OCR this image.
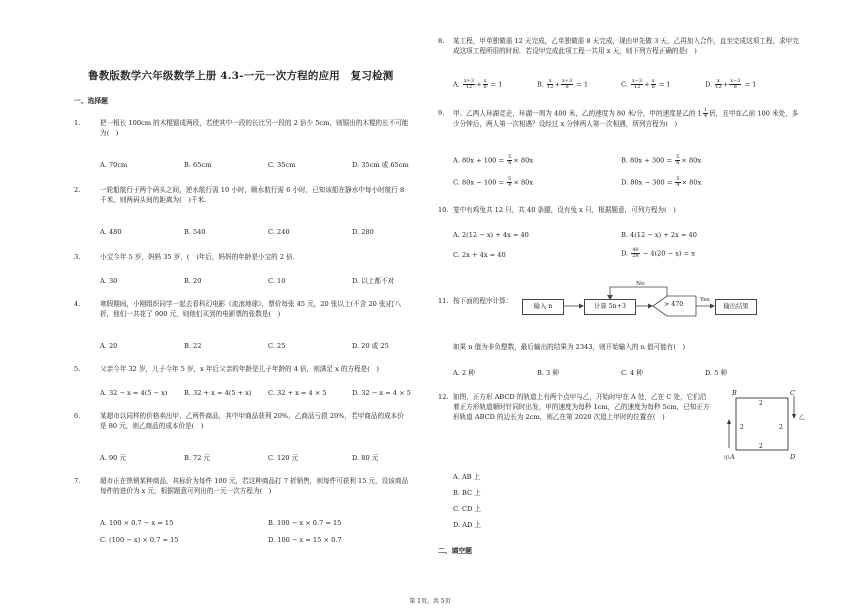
鲁教版数学六年级数学上册 4.3-一元一次方程的应用　复习检测
一、选择题
1.	把一根长 100cm 的木棍锯成两段，若使其中一段的长比另一段的 2 倍少 5cm，则锯出的木棍的长不可能为(　)
A. 70cm	B. 65cm	C. 35cm	D. 35cm 或 65cm
2.	一轮船航行于两个码头之间，逆水航行需 10 小时，顺水航行需 6 小时，已知该船在静水中每小时航行 8 千米，则两码头间的距离为(　)千米.
A. 480	B. 540	C. 240	D. 280
3.	小宝今年 5 岁，妈妈 35 岁，(　)年后，妈妈的年龄是小宝的 2 倍.
A. 30	B. 20	C. 10	D. 以上都不对
4.	寒假期间，小刚组织同学一起去看科幻电影《流浪地球》，票价每张 45 元，20 张以上(不含 20 张)打八折，他们一共花了 900 元，则他们买到的电影票的张数是(　)
A. 20	B. 22	C. 25	D. 20 或 25
5.	父亲今年 32 岁，儿子今年 5 岁，x 年后父亲的年龄是儿子年龄的 4 倍，则满足 x 的方程是(　)
A. 32 − x = 4(5 − x)	B. 32 + x = 4(5 + x) C. 32 + x = 4 × 5	D. 32 − x = 4 × 5
6.	某超市以同样的价格卖出甲、乙两件商品，其中甲商品获利 20%，乙商品亏损 20%，若甲商品的成本价是 80 元，则乙商品的成本价是(　)
A. 90 元	B. 72 元	C. 120 元	D. 80 元
7.	超市正在热销某种商品，其标价为每件 100 元，若这种商品打 7 折销售，则每件可获利 15 元，设该商品每件的进价为 x 元，根据题意可列出的一元一次方程为(　)
A. 100 × 0.7 − x = 15	B. 100 − x × 0.7 = 15
C. (100 − x) × 0.7 = 15	D. 100 − x = 15 × 0.7
8. 某工程，甲单独做需 12 天完成，乙单独做需 8 天完成，现由甲先做 3 天，乙再加入合作，直至完成这项工程，求甲完成这项工程所用的时间．若设甲完成此项工程一共用 x 天，则下列方程正确的是(　)
A. $\frac{x+3}{12} + \frac{x}{8} = 1$	B. $\frac{x}{12} + \frac{x+3}{8} = 1$	C. $\frac{x-3}{12} + \frac{x}{8} = 1$	D. $\frac{x}{12} + \frac{x-3}{8} = 1$
9. 甲、乙两人环湖竞走，环湖一周为 400 米，乙的速度为 80 米/分，甲的速度是乙的 $1 \frac{1}{4}$ 倍，且甲在乙前 100 米处，多少分钟后，两人第一次相遇？设经过 x 分钟两人第一次相遇，所列方程为(　)
A. $80x + 100 = \frac{5}{4} \times 80x$	B. $80x + 300 = \frac{5}{4} \times 80x$
C. $80x - 100 = \frac{5}{4} \times 80x$	D. $80x - 300 = \frac{5}{4} \times 80x$
10. 笼中有鸡兔共 12 只，共 40 条腿，设有兔 x 只，根据题意，可列方程为(　)
A. 2(12 − x) + 4x = 40	B. 4(12 − x) + 2x = 40
C. 2x + 4x = 40	D. $\frac{40}{28} - 4(20 - x) = x$
11. 按下面的程序计算：
输入 n	计算 5n+3	> 470	输出结果
No
Yes
如果 n 值为非负整数，最后输出的结果为 2343，则开始输入的 n 值可能有(　)
A. 2 种	B. 3 种	C. 4 种	D. 5 种
12. 如图，正方形 ABCD 的轨道上有两个点甲与乙，开始时甲在 A 处，乙在 C 处，它们沿着正方形轨道顺时针同时出发，甲的速度为每秒 1cm，乙的速度为每秒 5cm，已知正方形轨道 ABCD 的边长为 2cm，则乙在第 2020 次追上甲时的位置在(　)
B	C
A	D
甲
乙
2
2	2
2
A. AB 上
B. BC 上
C. CD 上
D. AD 上
二、填空题
第 1页，共 5页
